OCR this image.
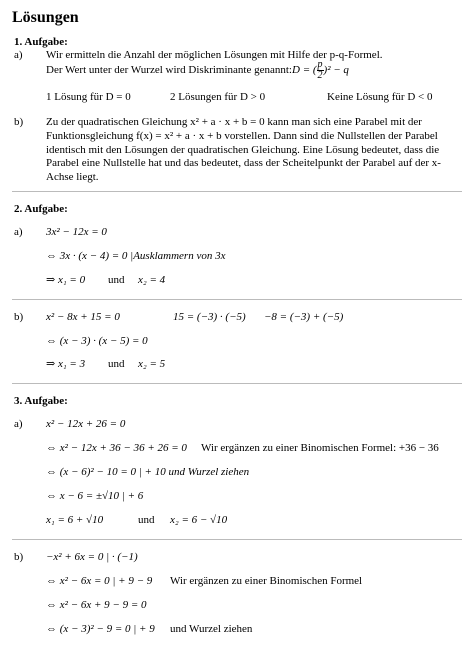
Lösungen
1. Aufgabe:
a) Wir ermitteln die Anzahl der möglichen Lösungen mit Hilfe der p-q-Formel.
Der Wert unter der Wurzel wird Diskriminante genannt: D = ( $\frac{p}{2} )^2 - q$
1 Lösung für D = 0	2 Lösungen für D > 0	Keine Lösung für D < 0
b) Zu der quadratischen Gleichung x² + a · x + b = 0 kann man sich eine Parabel mit der Funktionsgleichung f(x) = x² + a · x + b vorstellen. Dann sind die Nullstellen der Parabel identisch mit den Lösungen der quadratischen Gleichung. Eine Lösung bedeutet, dass die Parabel eine Nullstelle hat und das bedeutet, dass der Scheitelpunkt der Parabel auf der x-Achse liegt.
2. Aufgabe:
a) 3x² − 12x = 0
⇔ 3x · (x − 4) = 0 |Ausklammern von 3x
⇒ x₁ = 0 und x₂ = 4
b) x² − 8x + 15 = 0	15 = (−3) · (−5) −8 = (−3) + (−5)
⇔ (x − 3) · (x − 5) = 0
⇒ x₁ = 3 und x₂ = 5
3. Aufgabe:
a) x² − 12x + 26 = 0
⇔ x² − 12x + 36 − 36 + 26 = 0 Wir ergänzen zu einer Binomischen Formel: +36 − 36
⇔ (x − 6)² − 10 = 0 | + 10 und Wurzel ziehen
⇔ x − 6 = ±√10 | + 6
x₁ = 6 + √10	und x₂ = 6 − √10
b) −x² + 6x = 0 | · (−1)
⇔ x² − 6x = 0 | + 9 − 9 Wir ergänzen zu einer Binomischen Formel
⇔ x² − 6x + 9 − 9 = 0
⇔ (x − 3)² − 9 = 0 | + 9 und Wurzel ziehen
